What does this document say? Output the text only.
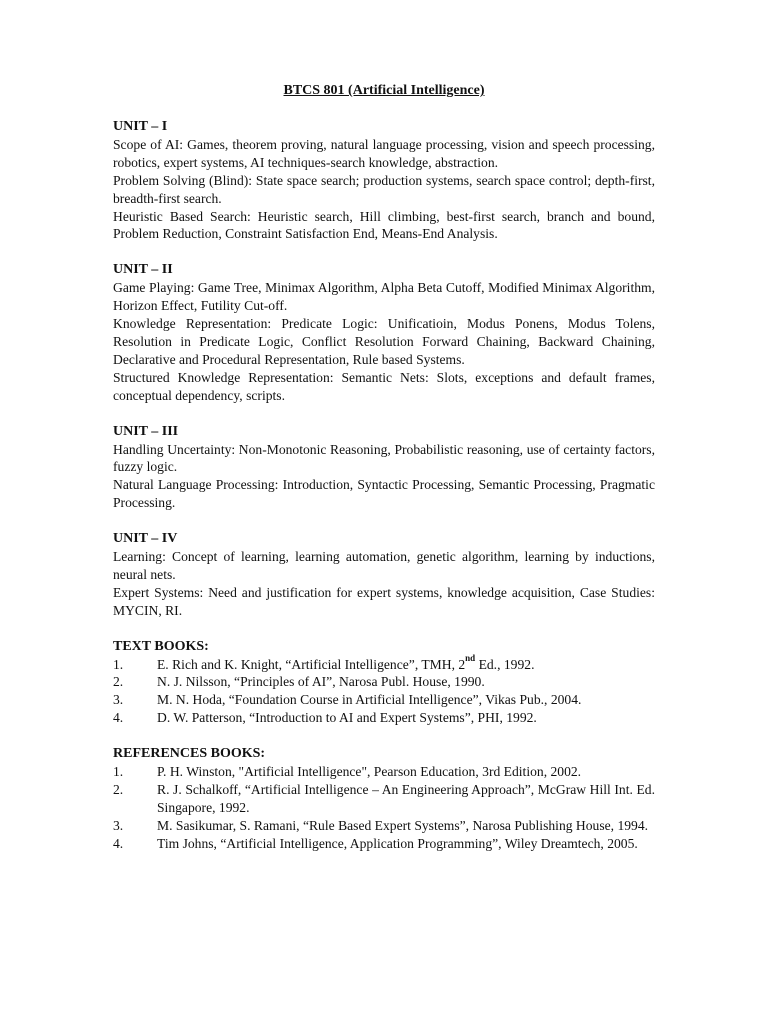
BTCS 801 (Artificial Intelligence)
UNIT – I
Scope of AI: Games, theorem proving, natural language processing, vision and speech processing, robotics, expert systems, AI techniques-search knowledge, abstraction.
Problem Solving (Blind): State space search; production systems, search space control; depth-first, breadth-first search.
Heuristic Based Search: Heuristic search, Hill climbing, best-first search, branch and bound, Problem Reduction, Constraint Satisfaction End, Means-End Analysis.
UNIT – II
Game Playing: Game Tree, Minimax Algorithm, Alpha Beta Cutoff, Modified Minimax Algorithm, Horizon Effect, Futility Cut-off.
Knowledge Representation: Predicate Logic: Unificatioin, Modus Ponens, Modus Tolens, Resolution in Predicate Logic, Conflict Resolution Forward Chaining, Backward Chaining, Declarative and Procedural Representation, Rule based Systems.
Structured Knowledge Representation: Semantic Nets: Slots, exceptions and default frames, conceptual dependency, scripts.
UNIT – III
Handling Uncertainty: Non-Monotonic Reasoning, Probabilistic reasoning, use of certainty factors, fuzzy logic.
Natural Language Processing: Introduction, Syntactic Processing, Semantic Processing, Pragmatic Processing.
UNIT – IV
Learning: Concept of learning, learning automation, genetic algorithm, learning by inductions, neural nets.
Expert Systems: Need and justification for expert systems, knowledge acquisition, Case Studies: MYCIN, RI.
TEXT BOOKS:
1.	E. Rich and K. Knight, “Artificial Intelligence”, TMH, 2nd Ed., 1992.
2.	N. J. Nilsson, “Principles of AI”, Narosa Publ. House, 1990.
3.	M. N. Hoda, “Foundation Course in Artificial Intelligence”, Vikas Pub., 2004.
4.	D. W. Patterson, “Introduction to AI and Expert Systems”, PHI, 1992.
REFERENCES BOOKS:
1.	P. H. Winston, "Artificial Intelligence", Pearson Education, 3rd Edition, 2002.
2.	R. J. Schalkoff, “Artificial Intelligence – An Engineering Approach”, McGraw Hill Int. Ed. Singapore, 1992.
3.	M. Sasikumar, S. Ramani, “Rule Based Expert Systems”, Narosa Publishing House, 1994.
4.	Tim Johns, “Artificial Intelligence, Application Programming”, Wiley Dreamtech, 2005.
